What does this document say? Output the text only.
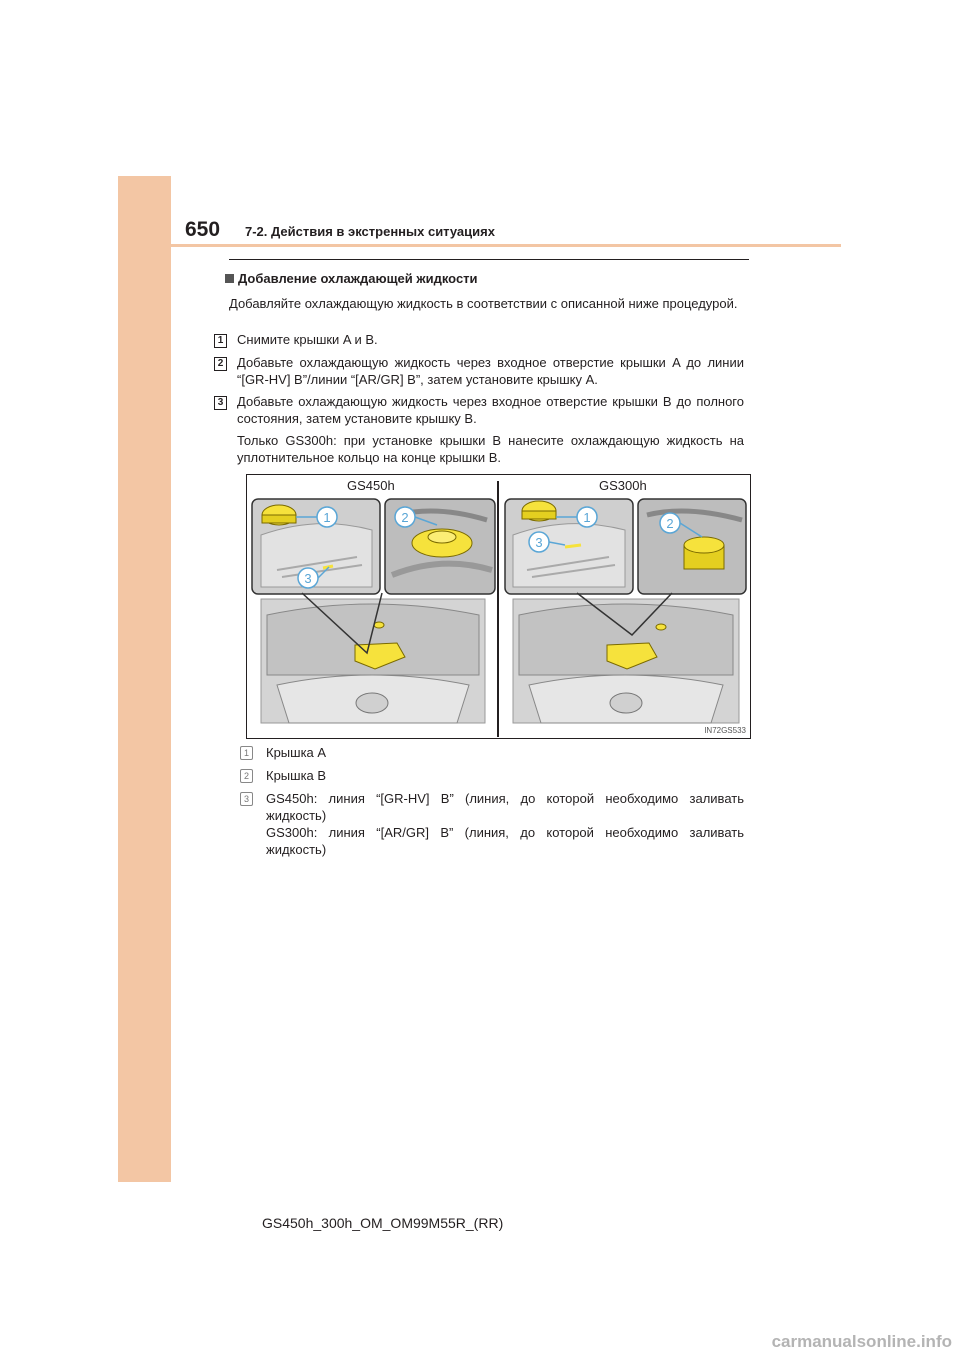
650 7-2. Действия в экстренных ситуациях
Добавление охлаждающей жидкости
Добавляйте охлаждающую жидкость в соответствии с описанной ниже процедурой.
1 Снимите крышки A и B.
2 Добавьте охлаждающую жидкость через входное отверстие крышки A до линии “[GR-HV] B”/линии “[AR/GR] B”, затем установите крышку A.
3 Добавьте охлаждающую жидкость через входное отверстие крышки B до полного состояния, затем установите крышку B.
Только GS300h: при установке крышки B нанесите охлаждающую жидкость на уплотнительное кольцо на конце крышки B.
GS450h	GS300h
1	2
3
1	2
3
IN72GS533
1	Крышка A
2	Крышка B
3	GS450h: линия “[GR-HV] B” (линия, до которой необходимо заливать жидкость)
GS300h: линия “[AR/GR] B” (линия, до которой необходимо заливать жидкость)
GS450h_300h_OM_OM99M55R_(RR)
carmanualsonline.info
